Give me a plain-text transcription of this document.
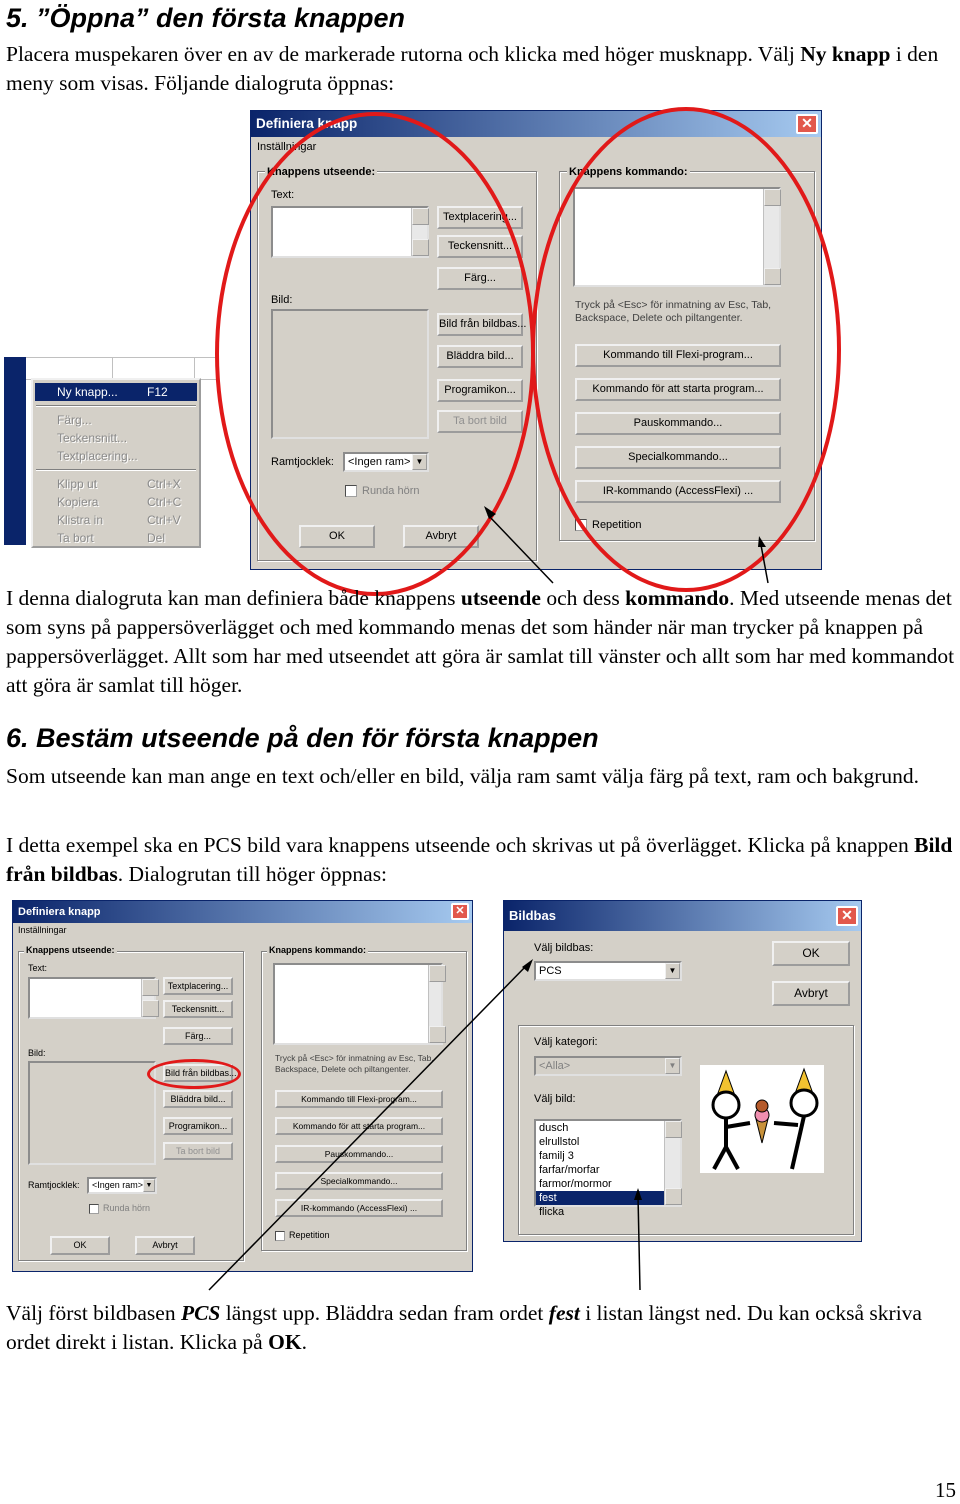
5. ”Öppna” den första knappen

Placera muspekaren över en av de markerade rutorna och klicka med höger musknapp. Välj Ny knapp i den meny som visas. Följande dialogruta öppnas:

Ny knapp... F12
Färg...
Teckensnitt...
Textplacering...
Klipp ut	Ctrl+X
Kopiera	Ctrl+C
Klistra in	Ctrl+V
Ta bort	Del
Definiera knapp	✕
Inställningar
Knappens utseende:
Text:
Textplacering...
Teckensnitt...
Färg...
Bild:
Bild från bildbas...
Bläddra bild...
Programikon...
Ta bort bild
Ramtjocklek:	<Ingen ram> ▼
Runda hörn
OK	Avbryt
Knappens kommando:
Tryck på <Esc> för inmatning av Esc, Tab, Backspace, Delete och piltangenter.
Kommando till Flexi-program...
Kommando för att starta program...
Pauskommando...
Specialkommando...
IR-kommando (AccessFlexi) ...
Repetition

I denna dialogruta kan man definiera både knappens utseende och dess kommando. Med utseende menas det som syns på pappersöverlägget och med kommando menas det som händer när man trycker på knappen på pappersöverlägget. Allt som har med utseendet att göra är samlat till vänster och allt som har med kommandot att göra är samlat till höger.

6. Bestäm utseende på den för första knappen

Som utseende kan man ange en text och/eller en bild, välja ram samt välja färg på text, ram och bakgrund.

I detta exempel ska en PCS bild vara knappens utseende och skrivas ut på överlägget. Klicka på knappen Bild från bildbas. Dialogrutan till höger öppnas:

Definiera knapp	✕
Inställningar
Knappens utseende:
Text:
Textplacering...
Teckensnitt...
Färg...
Bild:
Bild från bildbas...
Bläddra bild...
Programikon...
Ta bort bild
Ramtjocklek:	<Ingen ram> ▼
Runda hörn
OK	Avbryt
Knappens kommando:
Tryck på <Esc> för inmatning av Esc, Tab, Backspace, Delete och piltangenter.
Kommando till Flexi-program...
Kommando för att starta program...
Pauskommando...
Specialkommando...
IR-kommando (AccessFlexi) ...
Repetition
Bildbas	✕
Välj bildbas:
PCS	▼
OK
Avbryt
Välj kategori:
<Alla>	▼
Välj bild:
dusch
elrullstol
familj 3
farfar/morfar
farmor/mormor
fest
flicka

Välj först bildbasen PCS längst upp. Bläddra sedan fram ordet fest i listan längst ned. Du kan också skriva ordet direkt i listan. Klicka på OK.

15
